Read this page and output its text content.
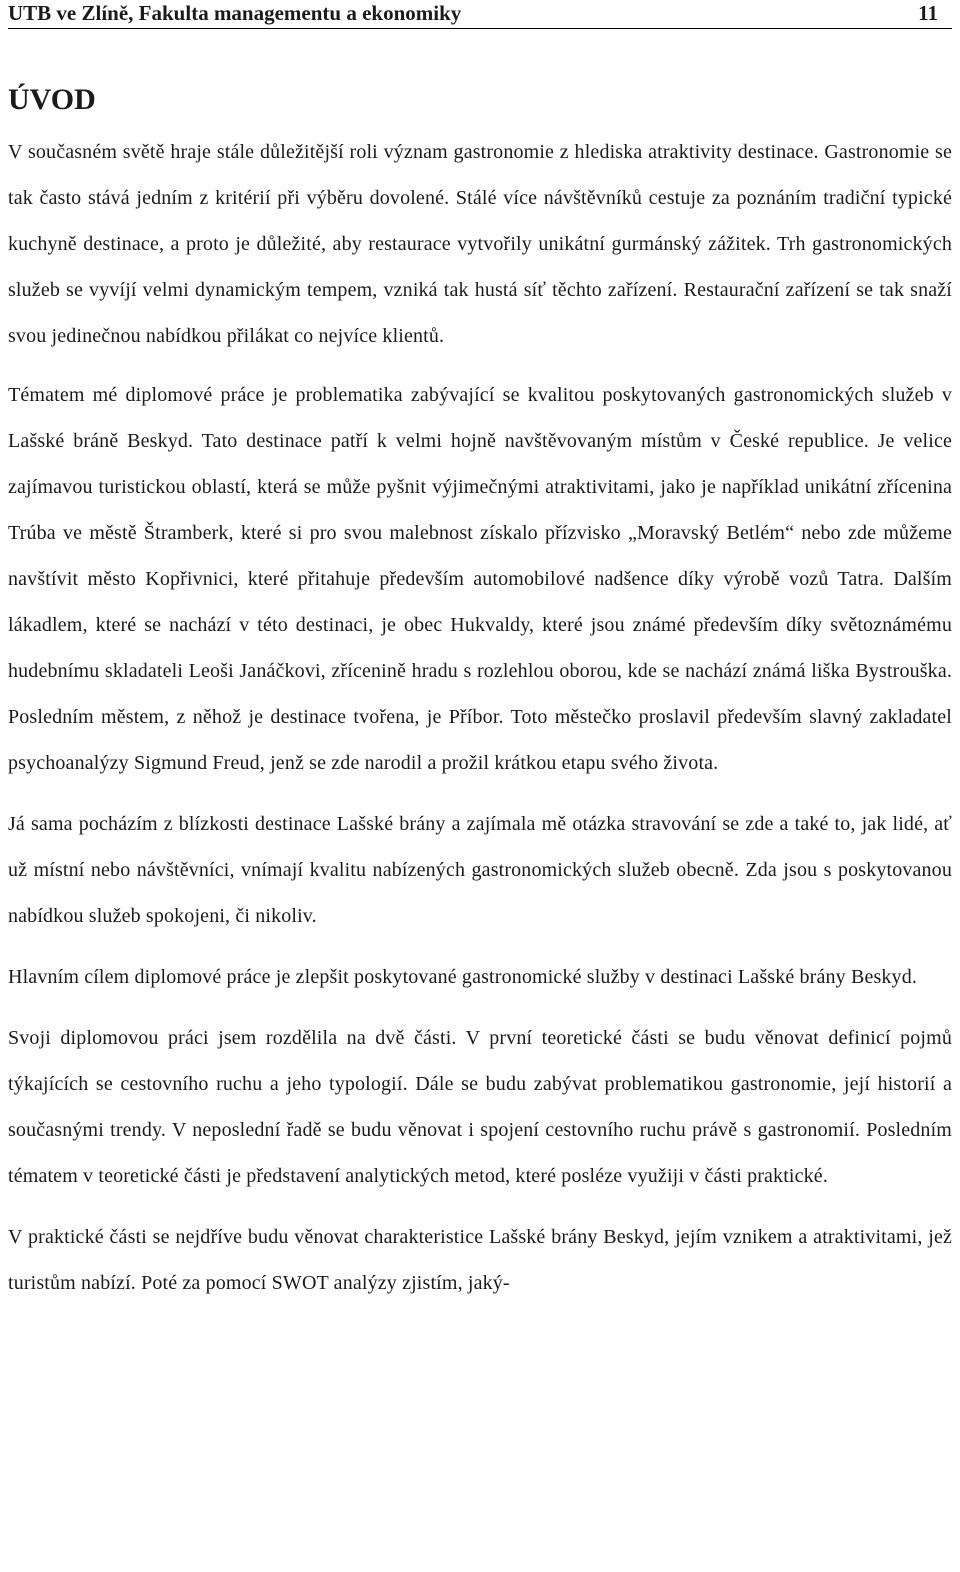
UTB ve Zlíně, Fakulta managementu a ekonomiky	11
ÚVOD

V současném světě hraje stále důležitější roli význam gastronomie z hlediska atraktivity destinace. Gastronomie se tak často stává jedním z kritérií při výběru dovolené. Stálé více návštěvníků cestuje za poznáním tradiční typické kuchyně destinace, a proto je důležité, aby restaurace vytvořily unikátní gurmánský zážitek. Trh gastronomických služeb se vyvíjí velmi dynamickým tempem, vzniká tak hustá síť těchto zařízení. Restaurační zařízení se tak snaží svou jedinečnou nabídkou přilákat co nejvíce klientů.

Tématem mé diplomové práce je problematika zabývající se kvalitou poskytovaných gastronomických služeb v Lašské bráně Beskyd. Tato destinace patří k velmi hojně navštěvovaným místům v České republice. Je velice zajímavou turistickou oblastí, která se může pyšnit výjimečnými atraktivitami, jako je například unikátní zřícenina Trúba ve městě Štramberk, které si pro svou malebnost získalo přízvisko „Moravský Betlém“ nebo zde můžeme navštívit město Kopřivnici, které přitahuje především automobilové nadšence díky výrobě vozů Tatra. Dalším lákadlem, které se nachází v této destinaci, je obec Hukvaldy, které jsou známé především díky světoznámému hudebnímu skladateli Leoši Janáčkovi, zřícenině hradu s rozlehlou oborou, kde se nachází známá liška Bystrouška. Posledním městem, z něhož je destinace tvořena, je Příbor. Toto městečko proslavil především slavný zakladatel psychoanalýzy Sigmund Freud, jenž se zde narodil a prožil krátkou etapu svého života.

Já sama pocházím z blízkosti destinace Lašské brány a zajímala mě otázka stravování se zde a také to, jak lidé, ať už místní nebo návštěvníci, vnímají kvalitu nabízených gastronomických služeb obecně. Zda jsou s poskytovanou nabídkou služeb spokojeni, či nikoliv.

Hlavním cílem diplomové práce je zlepšit poskytované gastronomické služby v destinaci Lašské brány Beskyd.

Svoji diplomovou práci jsem rozdělila na dvě části. V první teoretické části se budu věnovat definicí pojmů týkajících se cestovního ruchu a jeho typologií. Dále se budu zabývat problematikou gastronomie, její historií a současnými trendy. V neposlední řadě se budu věnovat i spojení cestovního ruchu právě s gastronomií. Posledním tématem v teoretické části je představení analytických metod, které posléze využiji v části praktické.

V praktické části se nejdříve budu věnovat charakteristice Lašské brány Beskyd, jejím vznikem a atraktivitami, jež turistům nabízí. Poté za pomocí SWOT analýzy zjistím, jaký-
